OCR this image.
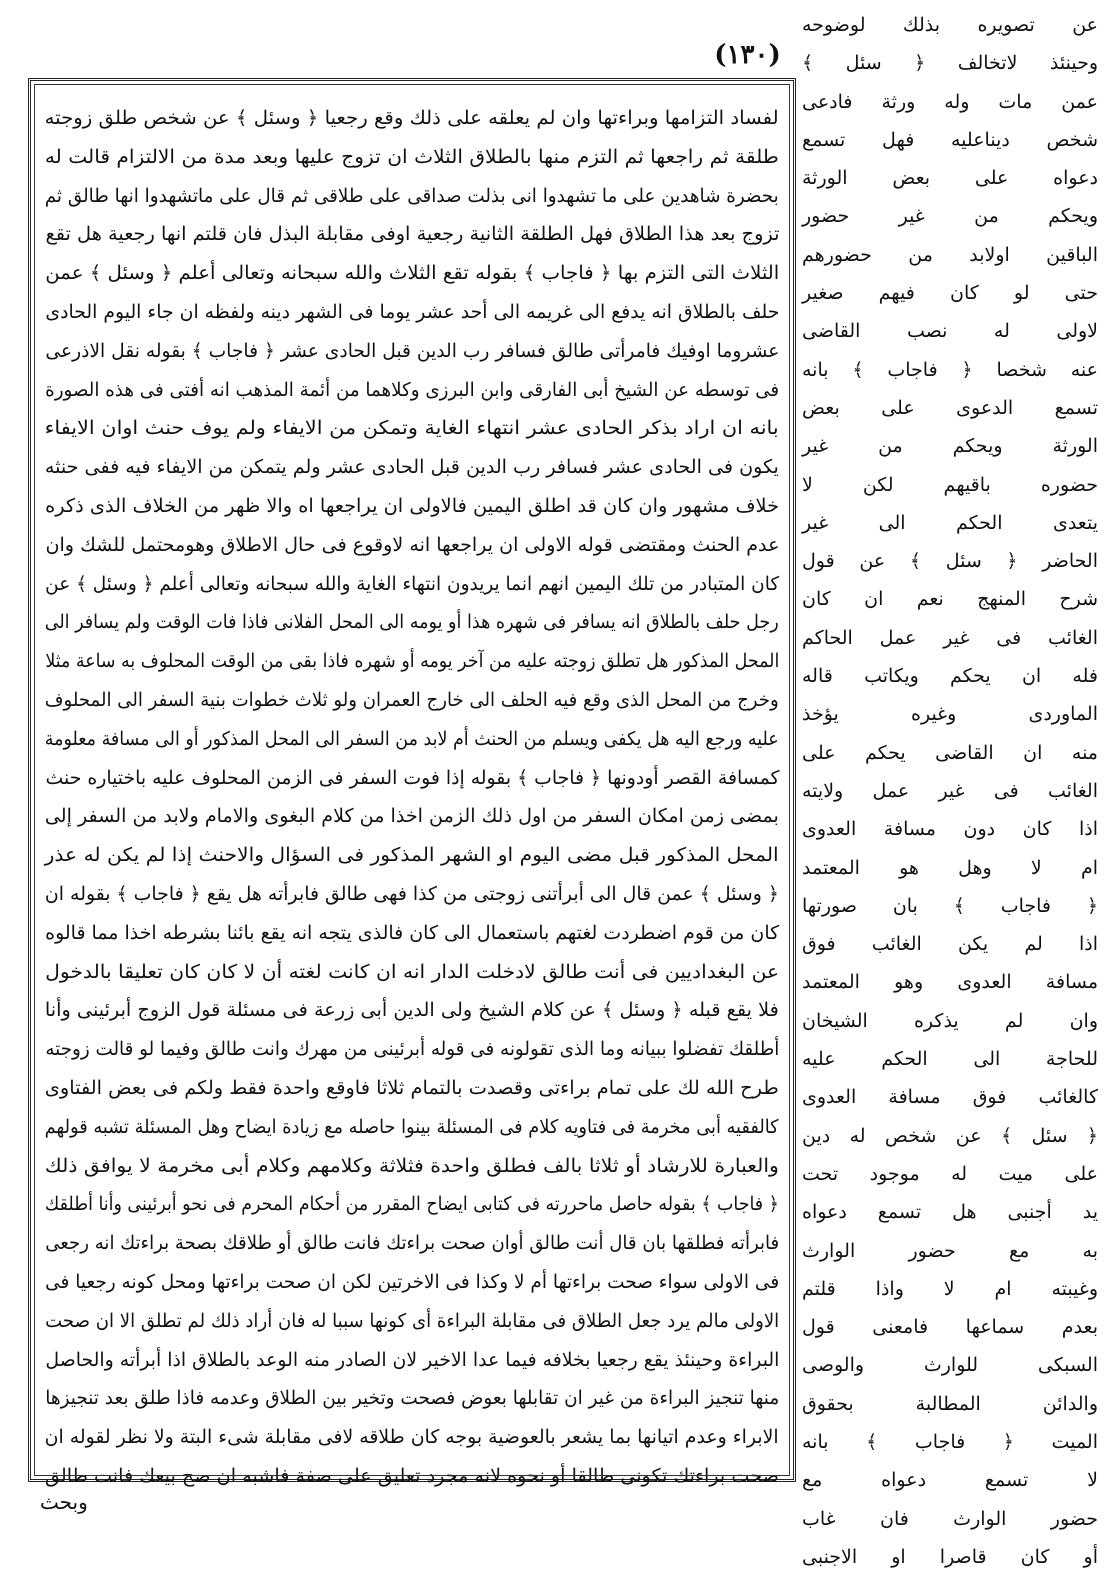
(١٣٠)
عن تصويره بذلك لوضوحه
وحينئذ لاتخالف ﴿ سئل ﴾
عمن مات وله ورثة فادعى
شخص ديناعليه فهل تسمع
دعواه على بعض الورثة
ويحكم من غير حضور
الباقين اولابد من حضورهم
حتى لو كان فيهم صغير
لاولى له نصب القاضى
عنه شخصا ﴿ فاجاب ﴾ بانه
تسمع الدعوى على بعض
الورثة ويحكم من غير
حضوره باقيهم لكن لا
يتعدى الحكم الى غير
الحاضر ﴿ سئل ﴾ عن قول
شرح المنهج نعم ان كان
الغائب فى غير عمل الحاكم
فله ان يحكم ويكاتب قاله
الماوردى وغيره يؤخذ
منه ان القاضى يحكم على
الغائب فى غير عمل ولايته
اذا كان دون مسافة العدوى
ام لا وهل هو المعتمد
﴿ فاجاب ﴾ بان صورتها
اذا لم يكن الغائب فوق
مسافة العدوى وهو المعتمد
وان لم يذكره الشيخان
للحاجة الى الحكم عليه
كالغائب فوق مسافة العدوى
﴿ سئل ﴾ عن شخص له دين
على ميت له موجود تحت
يد أجنبى هل تسمع دعواه
به مع حضور الوارث
وغيبته ام لا واذا قلتم
بعدم سماعها فامعنى قول
السبكى للوارث والوصى
والدائن المطالبة بحقوق
الميت ﴿ فاجاب ﴾ بانه
لا تسمع دعواه مع
حضور الوارث فان غاب
أو كان قاصرا او الاجنبى
لفساد التزامها وبراءتها وان لم يعلقه على ذلك وقع رجعيا ﴿ وسئل ﴾ عن شخص طلق زوجته
طلقة ثم راجعها ثم التزم منها بالطلاق الثلاث ان تزوج عليها وبعد مدة من الالتزام قالت له
بحضرة شاهدين على ما تشهدوا انى بذلت صداقى على طلاقى ثم قال على ماتشهدوا انها طالق ثم
تزوج بعد هذا الطلاق فهل الطلقة الثانية رجعية اوفى مقابلة البذل فان قلتم انها رجعية هل تقع
الثلاث التى التزم بها ﴿ فاجاب ﴾ بقوله تقع الثلاث والله سبحانه وتعالى أعلم ﴿ وسئل ﴾ عمن
حلف بالطلاق انه يدفع الى غريمه الى أحد عشر يوما فى الشهر دينه ولفظه ان جاء اليوم الحادى
عشروما اوفيك فامرأتى طالق فسافر رب الدين قبل الحادى عشر ﴿ فاجاب ﴾ بقوله نقل الاذرعى
فى توسطه عن الشيخ أبى الفارقى وابن البرزى وكلاهما من أئمة المذهب انه أفتى فى هذه الصورة
بانه ان اراد بذكر الحادى عشر انتهاء الغاية وتمكن من الايفاء ولم يوف حنث اوان الايفاء
يكون فى الحادى عشر فسافر رب الدين قبل الحادى عشر ولم يتمكن من الايفاء فيه ففى حنثه
خلاف مشهور وان كان قد اطلق اليمين فالاولى ان يراجعها اه والا ظهر من الخلاف الذى ذكره
عدم الحنث ومقتضى قوله الاولى ان يراجعها انه لاوقوع فى حال الاطلاق وهومحتمل للشك وان
كان المتبادر من تلك اليمين انهم انما يريدون انتهاء الغاية والله سبحانه وتعالى أعلم ﴿ وسئل ﴾ عن
رجل حلف بالطلاق انه يسافر فى شهره هذا أو يومه الى المحل الفلانى فاذا فات الوقت ولم يسافر الى
المحل المذكور هل تطلق زوجته عليه من آخر يومه أو شهره فاذا بقى من الوقت المحلوف به ساعة مثلا
وخرج من المحل الذى وقع فيه الحلف الى خارج العمران ولو ثلاث خطوات بنية السفر الى المحلوف
عليه ورجع اليه هل يكفى ويسلم من الحنث أم لابد من السفر الى المحل المذكور أو الى مسافة معلومة
كمسافة القصر أودونها ﴿ فاجاب ﴾ بقوله إذا فوت السفر فى الزمن المحلوف عليه باختياره حنث
بمضى زمن امكان السفر من اول ذلك الزمن اخذا من كلام البغوى والامام ولابد من السفر إلى
المحل المذكور قبل مضى اليوم او الشهر المذكور فى السؤال والاحنث إذا لم يكن له عذر
﴿ وسئل ﴾ عمن قال الى أبرأتنى زوجتى من كذا فهى طالق فابرأته هل يقع ﴿ فاجاب ﴾ بقوله ان
كان من قوم اضطردت لغتهم باستعمال الى كان فالذى يتجه انه يقع بائنا بشرطه اخذا مما قالوه
عن البغداديين فى أنت طالق لادخلت الدار انه ان كانت لغته أن لا كان كان تعليقا بالدخول
فلا يقع قبله ﴿ وسئل ﴾ عن كلام الشيخ ولى الدين أبى زرعة فى مسئلة قول الزوج أبرئينى وأنا
أطلقك تفضلوا ببيانه وما الذى تقولونه فى قوله أبرئينى من مهرك وانت طالق وفيما لو قالت زوجته
طرح الله لك على تمام براءتى وقصدت بالتمام ثلاثا فاوقع واحدة فقط ولكم فى بعض الفتاوى
كالفقيه أبى مخرمة فى فتاويه كلام فى المسئلة بينوا حاصله مع زيادة ايضاح وهل المسئلة تشبه قولهم
والعبارة للارشاد أو ثلاثا بالف فطلق واحدة فثلاثة وكلامهم وكلام أبى مخرمة لا يوافق ذلك
﴿ فاجاب ﴾ بقوله حاصل ماحررته فى كتابى ايضاح المقرر من أحكام المحرم فى نحو أبرئينى وأنا أطلقك
فابرأته فطلقها بان قال أنت طالق أوان صحت براءتك فانت طالق أو طلاقك بصحة براءتك انه رجعى
فى الاولى سواء صحت براءتها أم لا وكذا فى الاخرتين لكن ان صحت براءتها ومحل كونه رجعيا فى
الاولى مالم يرد جعل الطلاق فى مقابلة البراءة أى كونها سببا له فان أراد ذلك لم تطلق الا ان صحت
البراءة وحينئذ يقع رجعيا بخلافه فيما عدا الاخير لان الصادر منه الوعد بالطلاق اذا أبرأته والحاصل
منها تنجيز البراءة من غير ان تقابلها بعوض فصحت وتخير بين الطلاق وعدمه فاذا طلق بعد تنجيزها
الابراء وعدم اتيانها بما يشعر بالعوضية بوجه كان طلاقه لافى مقابلة شىء البتة ولا نظر لقوله ان
صحت براءتك تكونى طالقا أو نحوه لانه مجرد تعليق على صفة فاشبه ان صح بيعك فانت طالق
وبحث
